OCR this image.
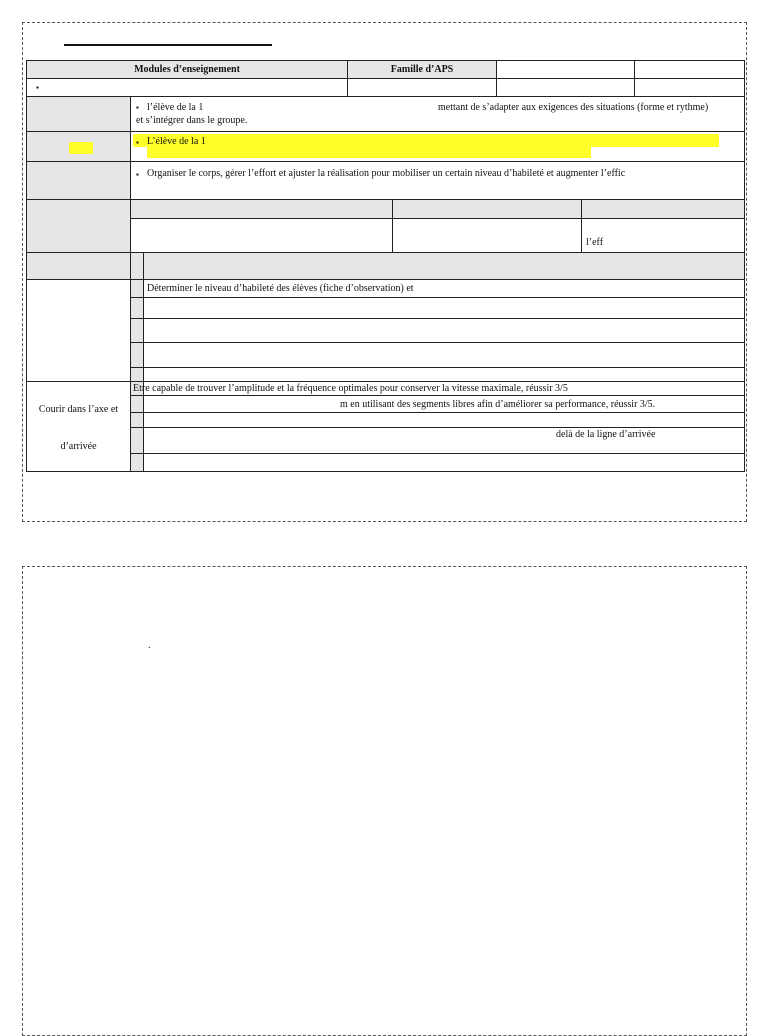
Modules d’enseignement	Famille d’APS
▪
▪ l’élève de la 1	mettant de s’adapter aux exigences des situations (forme et rythme)
et s’intégrer dans le groupe.
▪ L’élève de la 1
▪ Organiser le corps, gérer l’effort et ajuster la réalisation pour mobiliser un certain niveau d’habileté et augmenter l’effic
l’eff
Déterminer le niveau d’habileté des élèves (fiche d’observation) et
Etre capable de trouver l’amplitude et la fréquence optimales pour conserver la vitesse maximale, réussir 3/5
m en utilisant des segments libres afin d’améliorer sa performance, réussir 3/5.
delà de la ligne d’arrivée
Courir dans l’axe et
d’arrivée
.
